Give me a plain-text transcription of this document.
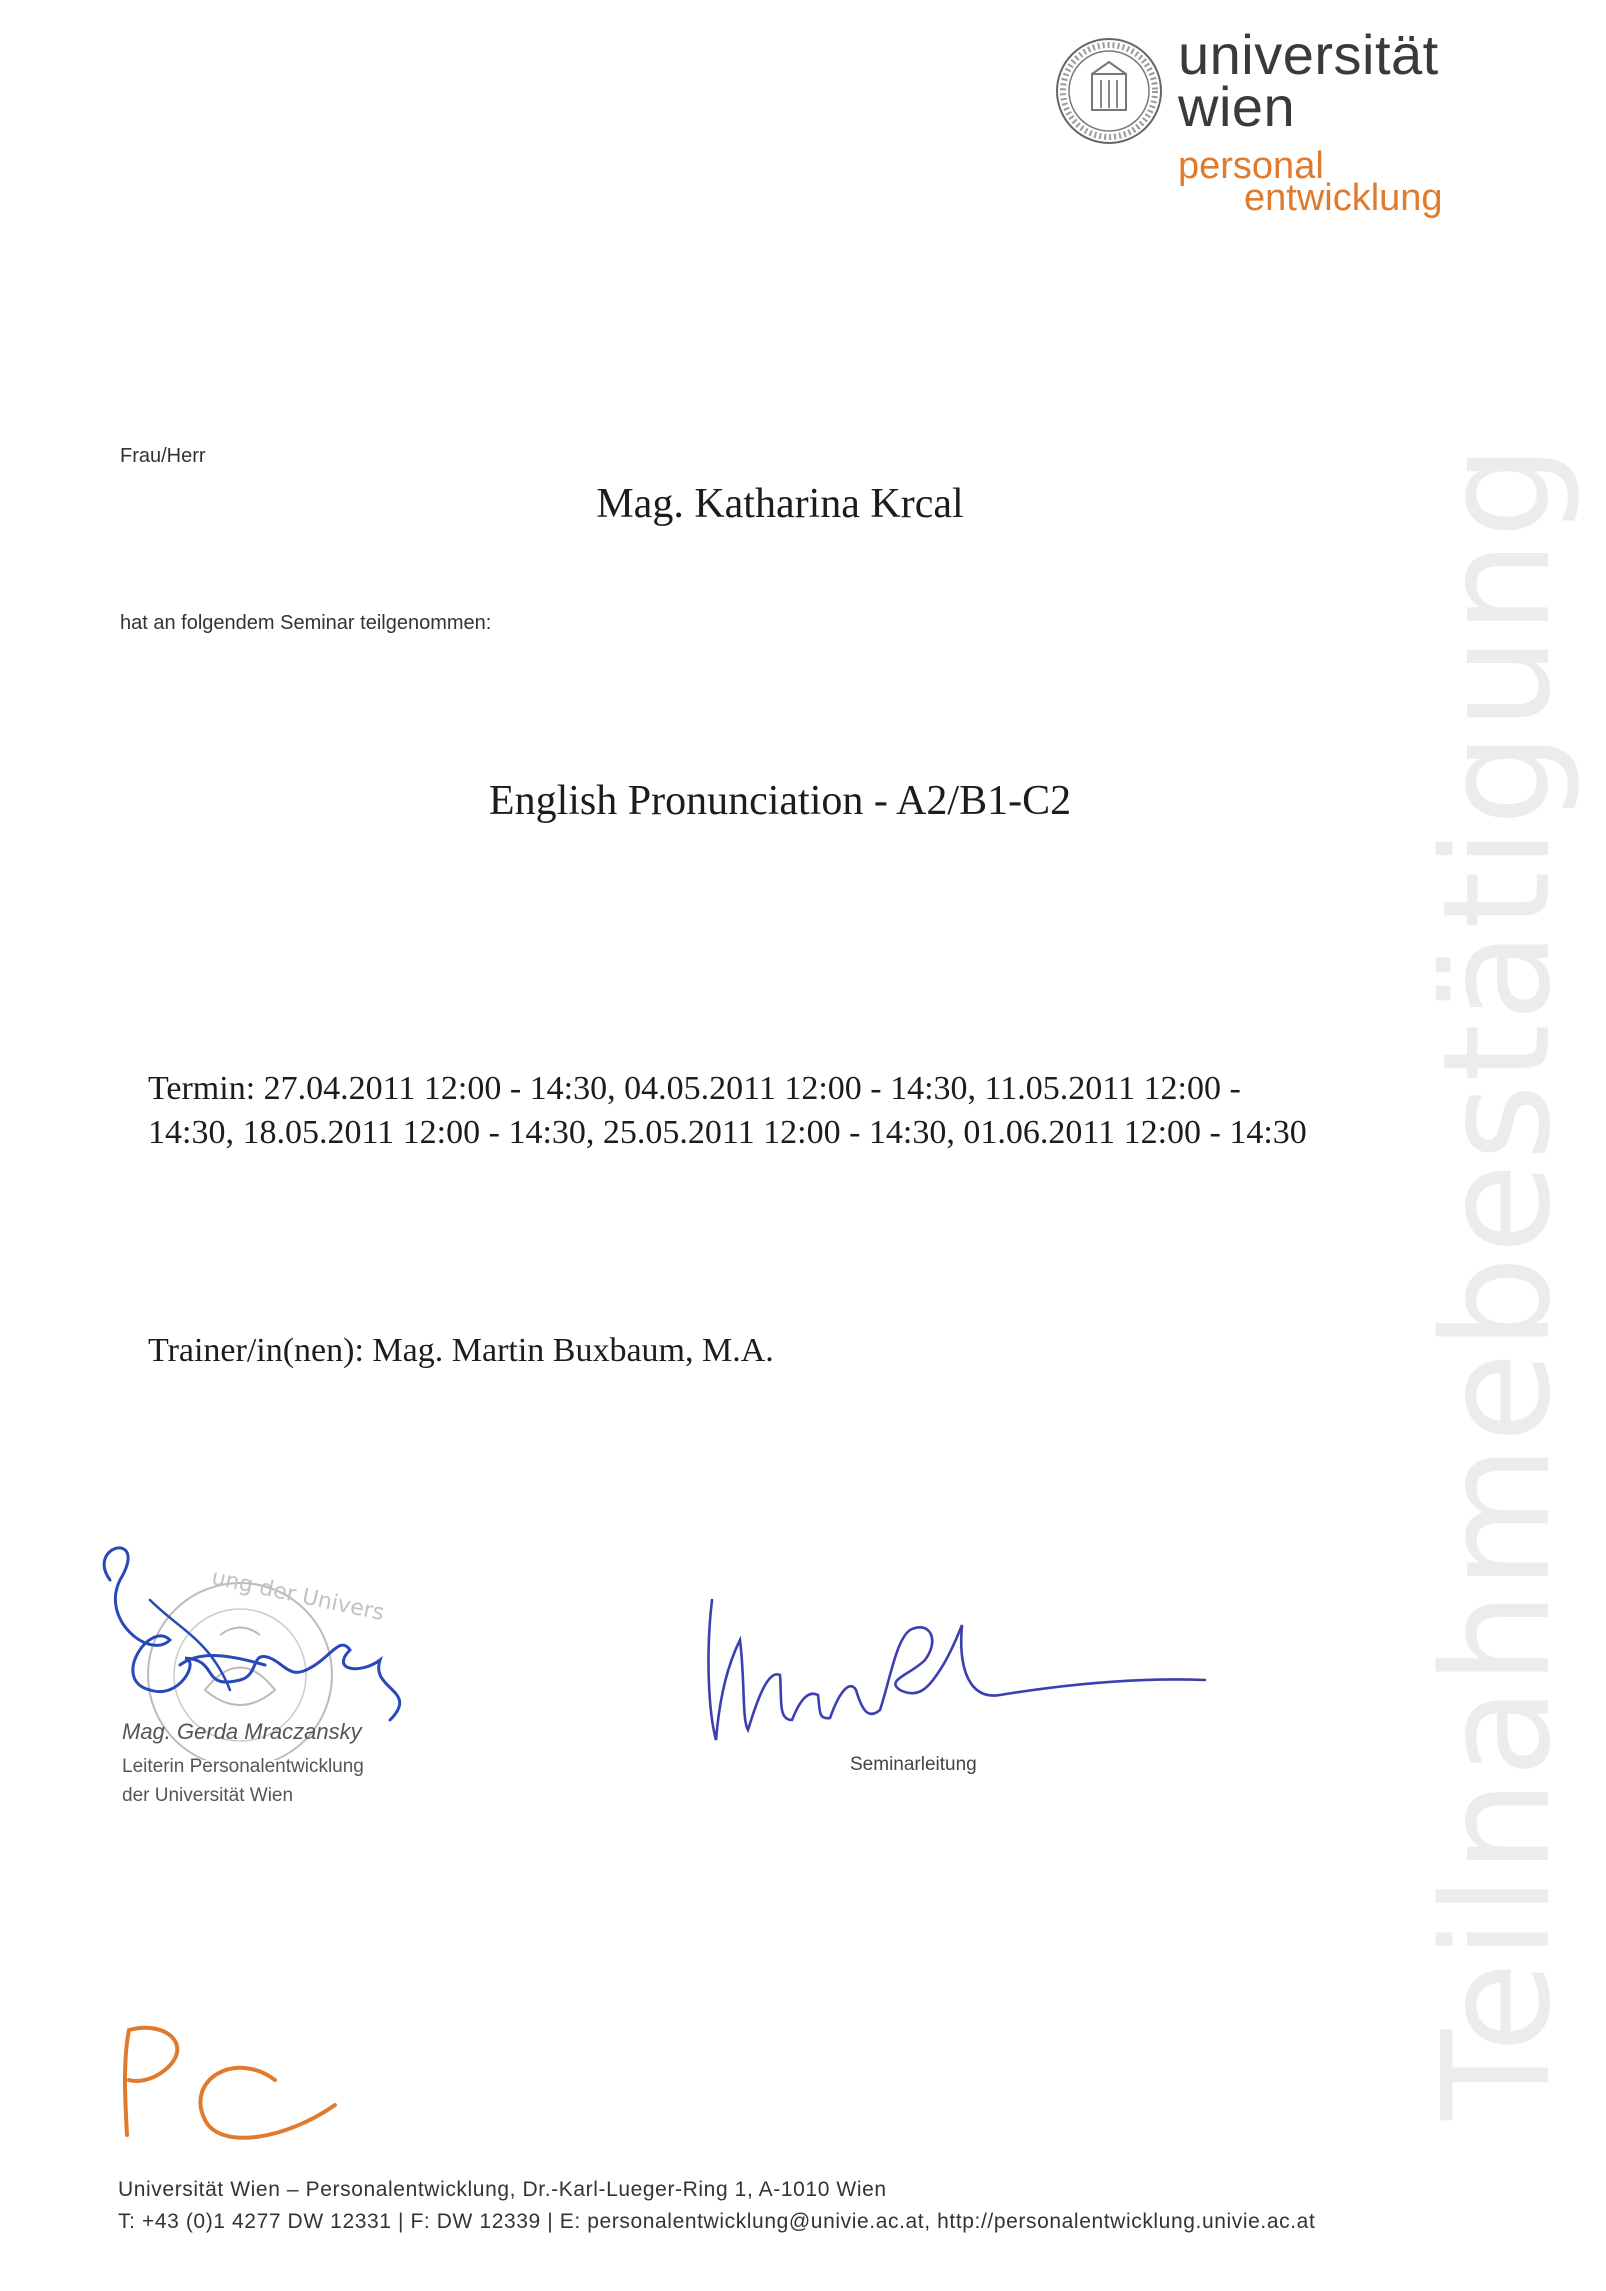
universität
wien
personal
entwicklung
Teilnahmebestätigung
Frau/Herr
Mag. Katharina Krcal
hat an folgendem Seminar teilgenommen:
English Pronunciation - A2/B1-C2
Termin: 27.04.2011 12:00 - 14:30, 04.05.2011 12:00 - 14:30, 11.05.2011 12:00 -
14:30, 18.05.2011 12:00 - 14:30, 25.05.2011 12:00 - 14:30, 01.06.2011 12:00 - 14:30
Trainer/in(nen): Mag. Martin Buxbaum, M.A.
ung der Univers
Mag. Gerda Mraczansky
Leiterin Personalentwicklung
der Universität Wien
Seminarleitung
Universität Wien – Personalentwicklung, Dr.-Karl-Lueger-Ring 1, A-1010 Wien
T: +43 (0)1 4277 DW 12331 | F: DW 12339 | E: personalentwicklung@univie.ac.at, http://personalentwicklung.univie.ac.at
